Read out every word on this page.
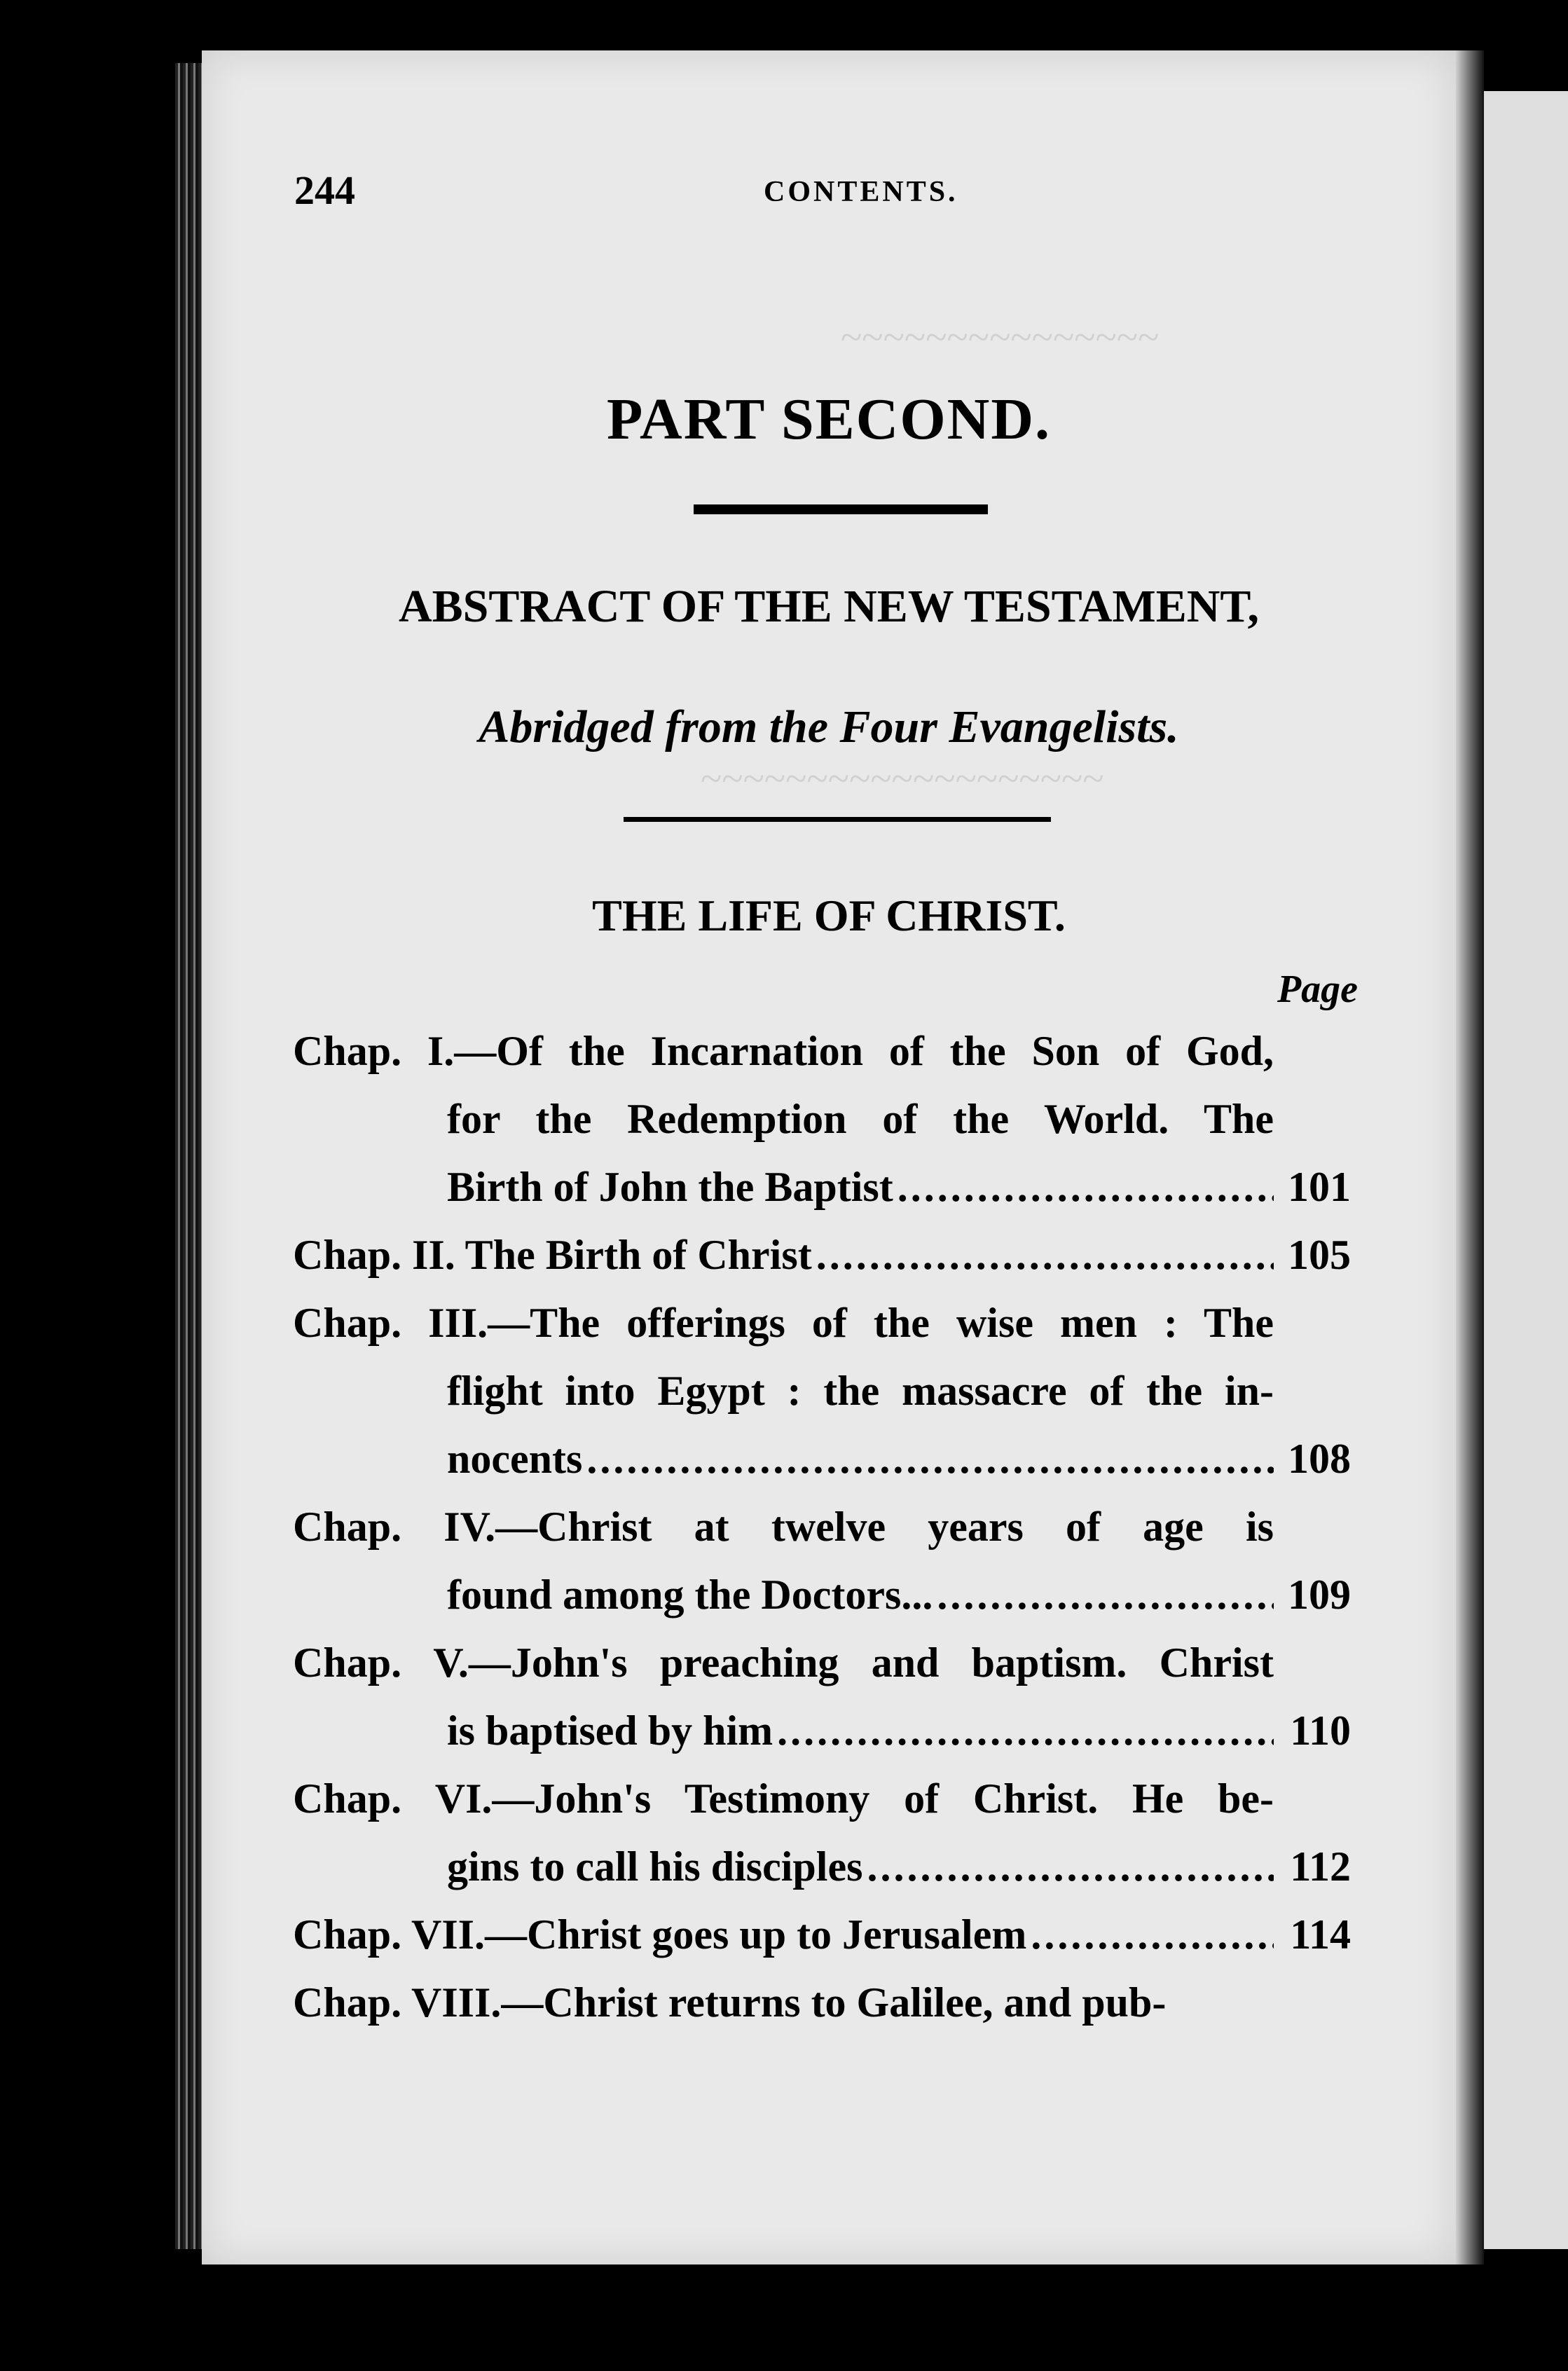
~~~~~~~~~~~~~~~
~~~~~~~~~~~~~~~~~~~
244	CONTENTS.
PART SECOND.
ABSTRACT OF THE NEW TESTAMENT,
Abridged from the Four Evangelists.
THE LIFE OF CHRIST.
Page
Chap. I.—Of the Incarnation of the Son of God,
for the Redemption of the World. The
Birth of John the Baptist .....	101
Chap. II. The Birth of Christ .....	105
Chap. III.—The offerings of the wise men : The
flight into Egypt : the massacre of the in-
nocents .....	108
Chap. IV.—Christ at twelve years of age is
found among the Doctors... .....	109
Chap. V.—John's preaching and baptism. Christ
is baptised by him .....	110
Chap. VI.—John's Testimony of Christ. He be-
gins to call his disciples .....	112
Chap. VII.—Christ goes up to Jerusalem .....	114
Chap. VIII.—Christ returns to Galilee, and pub-
